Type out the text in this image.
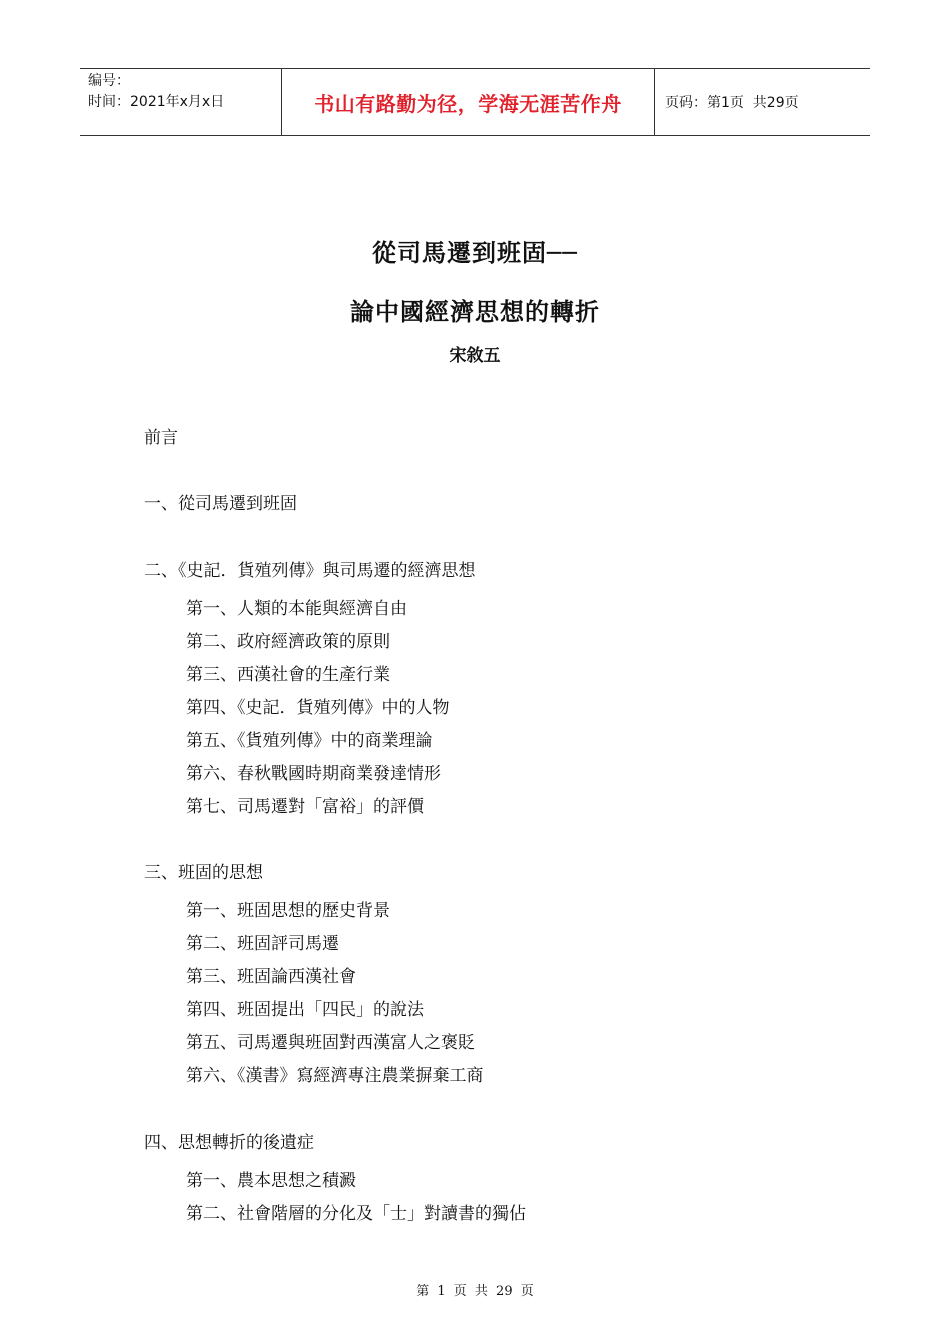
编号：
时间：2021年x月x日	书山有路勤为径，学海无涯苦作舟	页码：第1页  共29页
從司馬遷到班固──
論中國經濟思想的轉折
宋敘五
前言
一、從司馬遷到班固
二、《史記．貨殖列傳》與司馬遷的經濟思想
第一、人類的本能與經濟自由
第二、政府經濟政策的原則
第三、西漢社會的生產行業
第四、《史記．貨殖列傳》中的人物
第五、《貨殖列傳》中的商業理論
第六、春秋戰國時期商業發達情形
第七、司馬遷對「富裕」的評價
三、班固的思想
第一、班固思想的歷史背景
第二、班固評司馬遷
第三、班固論西漢社會
第四、班固提出「四民」的說法
第五、司馬遷與班固對西漢富人之褒貶
第六、《漢書》寫經濟專注農業摒棄工商
四、思想轉折的後遺症
第一、農本思想之積澱
第二、社會階層的分化及「士」對讀書的獨佔
第 1 页 共 29 页
